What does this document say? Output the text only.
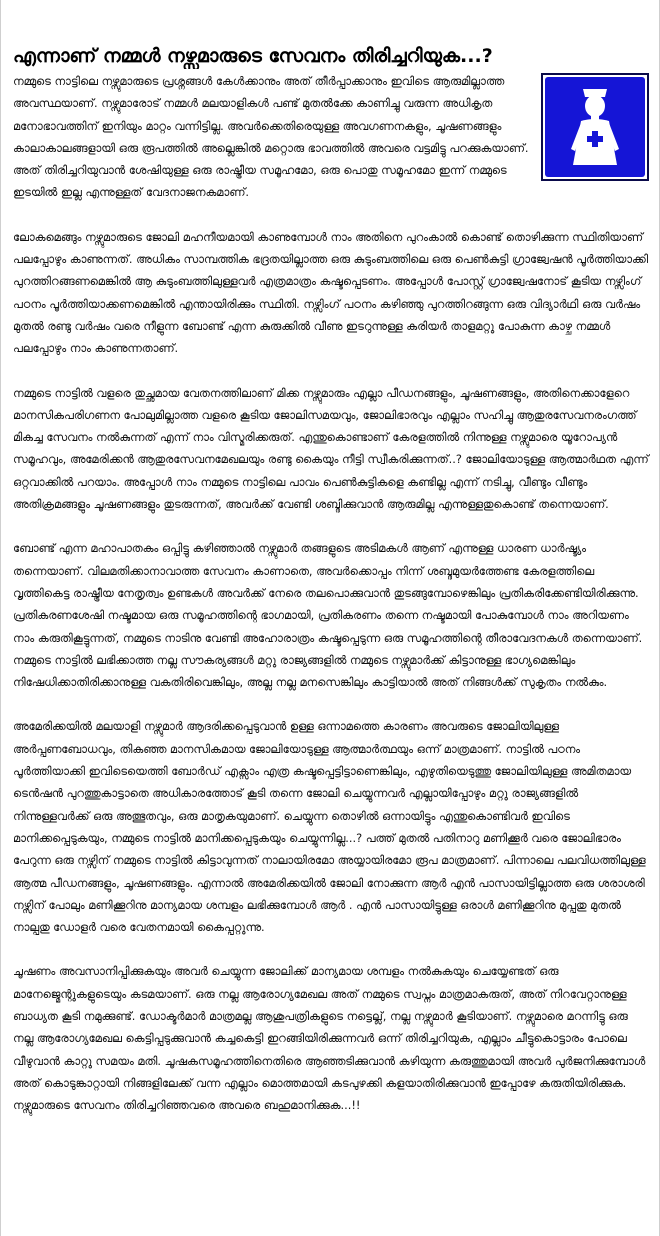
എന്നാണ് നമ്മൾ നഴ്സുമാരുടെ സേവനം തിരിച്ചറിയുക...?

നമ്മുടെ നാട്ടിലെ നഴ്സുമാരുടെ പ്രശ്നങ്ങൾ കേൾക്കാനും അത് തീർപ്പാക്കാനും ഇവിടെ ആരുമില്ലാത്ത അവസ്ഥയാണ്. നഴ്സുമാരോട് നമ്മൾ മലയാളികൾ പണ്ട് മുതൽക്കേ കാണിച്ചു വരുന്ന അധികൃത മനോഭാവത്തിന് ഇനിയും മാറ്റം വന്നിട്ടില്ല. അവർക്കെതിരെയുള്ള അവഗണനകളും, ചൂഷണങ്ങളും കാലാകാലങ്ങളായി ഒരു രൂപത്തിൽ അല്ലെങ്കിൽ മറ്റൊരു ഭാവത്തിൽ അവരെ വട്ടമിട്ടു പറക്കുകയാണ്. അത് തിരിച്ചറിയുവാൻ ശേഷിയുള്ള ഒരു രാഷ്ട്രീയ സമൂഹമോ, ഒരു പൊതു സമൂഹമോ ഇന്ന് നമ്മുടെ ഇടയിൽ ഇല്ല എന്നുള്ളത് വേദനാജനകമാണ്.

ലോകമെങ്ങും നഴ്സുമാരുടെ ജോലി മഹനീയമായി കാണുമ്പോൾ നാം അതിനെ പുറംകാൽ കൊണ്ട് തൊഴിക്കുന്ന സ്ഥിതിയാണ് പലപ്പോഴും കാണുന്നത്. അധികം സാമ്പത്തിക ഭദ്രതയില്ലാത്ത ഒരു കുടുംബത്തിലെ ഒരു പെൺകുട്ടി ഗ്രാജ്വേഷൻ പൂർത്തിയാക്കി പുറത്തിറങ്ങണമെങ്കിൽ ആ കുടുംബത്തിലുള്ളവർ എത്രമാത്രം കഷ്ടപ്പെടണം. അപ്പോൾ പോസ്റ്റ് ഗ്രാജ്വേഷനോട് കൂടിയ നഴ്സിംഗ് പഠനം പൂർത്തിയാക്കണമെങ്കിൽ എന്തായിരിക്കും സ്ഥിതി. നഴ്സിംഗ് പഠനം കഴിഞ്ഞു പുറത്തിറങ്ങുന്ന ഒരു വിദ്യാർഥി ഒരു വർഷം മുതൽ രണ്ടു വർഷം വരെ നീളുന്ന ബോണ്ട് എന്ന കുരുക്കിൽ വീണു ഇടറുന്നുള്ള കരിയർ താളമറ്റു പോകുന്ന കാഴ്ച നമ്മൾ പലപ്പോഴും നാം കാണുന്നതാണ്.

നമ്മുടെ നാട്ടിൽ വളരെ തുച്ഛമായ വേതനത്തിലാണ് മിക്ക നഴ്സുമാരും എല്ലാ പീഡനങ്ങളും, ചൂഷണങ്ങളും, അതിനെക്കാളേറെ മാനസികപരിഗണന പോലുമില്ലാത്ത വളരെ കൂടിയ ജോലിസമയവും, ജോലിഭാരവും എല്ലാം സഹിച്ചു ആതുരസേവനരംഗത്ത് മികച്ച സേവനം നൽകുന്നത് എന്ന് നാം വിസ്മരിക്കരുത്. എന്തുകൊണ്ടാണ് കേരളത്തിൽ നിന്നുള്ള നഴ്സുമാരെ യൂറോപ്യൻ സമൂഹവും, അമേരിക്കൻ ആതുരസേവനമേഖലയും രണ്ടു കൈയും നീട്ടി സ്വീകരിക്കുന്നത്..? ജോലിയോടുള്ള ആത്മാർഥത എന്ന് ഒറ്റവാക്കിൽ പറയാം. അപ്പോൾ നാം നമ്മുടെ നാട്ടിലെ പാവം പെൺകുട്ടികളെ കണ്ടില്ല എന്ന് നടിച്ചു, വീണ്ടും വീണ്ടും അതിക്രമങ്ങളും ചൂഷണങ്ങളും തുടരുന്നത്, അവർക്ക് വേണ്ടി ശബ്ദിക്കുവാൻ ആരുമില്ല എന്നുള്ളതുകൊണ്ട് തന്നെയാണ്.

ബോണ്ട് എന്ന മഹാപാതകം ഒപ്പിട്ടു കഴിഞ്ഞാൽ നഴ്സുമാർ തങ്ങളുടെ അടിമകൾ ആണ് എന്നുള്ള ധാരണ ധാർഷ്ട്യം തന്നെയാണ്. വിലമതിക്കാനാവാത്ത സേവനം കാണാതെ, അവർക്കൊപ്പം നിന്ന് ശബ്ദമുയർത്തേണ്ട കേരളത്തിലെ വൃത്തികെട്ട രാഷ്ട്രീയ നേതൃത്വം ഉണ്ടകൾ അവർക്ക് നേരെ തലപൊക്കുവാൻ തുടങ്ങുമ്പോഴെങ്കിലും പ്രതികരിക്കേണ്ടിയിരിക്കുന്നു. പ്രതികരണശേഷി നഷ്ടമായ ഒരു സമൂഹത്തിന്റെ ഭാഗമായി, പ്രതികരണം തന്നെ നഷ്ടമായി പോകുമ്പോൾ നാം അറിയണം നാം കരുതികൂട്ടുന്നത്, നമ്മുടെ നാടിനു വേണ്ടി അഹോരാത്രം കഷ്ടപ്പെടുന്ന ഒരു സമൂഹത്തിന്റെ തീരാവേദനകൾ തന്നെയാണ്. നമ്മുടെ നാട്ടിൽ ലഭിക്കാത്ത നല്ല സൗകര്യങ്ങൾ മറ്റു രാജ്യങ്ങളിൽ നമ്മുടെ നഴ്സുമാർക്ക് കിട്ടാനുള്ള ഭാഗ്യമെങ്കിലും നിഷേധിക്കാതിരിക്കാനുള്ള വകതിരിവെങ്കിലും, അല്ല നല്ല മനസെങ്കിലും കാട്ടിയാൽ അത് നിങ്ങൾക്ക് സുകൃതം നൽകും.

അമേരിക്കയിൽ മലയാളി നഴ്സുമാർ ആദരിക്കപ്പെടുവാൻ ഉള്ള ഒന്നാമത്തെ കാരണം അവരുടെ ജോലിയിലുള്ള അർപ്പണബോധവും, തികഞ്ഞ മാനസികമായ ജോലിയോടുള്ള ആത്മാർത്ഥയും ഒന്ന് മാത്രമാണ്. നാട്ടിൽ പഠനം പൂർത്തിയാക്കി ഇവിടെയെത്തി ബോർഡ് എക്സാം എത്ര കഷ്ടപ്പെട്ടിട്ടാണെങ്കിലും, എഴുതിയെടുത്തു ജോലിയിലുള്ള അമിതമായ ടെൻഷൻ പുറത്തുകാട്ടാതെ അധികാരത്തോട് കൂടി തന്നെ ജോലി ചെയ്യുന്നവർ എല്ലായിപ്പോഴും മറ്റു രാജ്യങ്ങളിൽ നിന്നുള്ളവർക്ക് ഒരു അത്ഭുതവും, ഒരു മാതൃകയുമാണ്. ചെയ്യുന്ന തൊഴിൽ ഒന്നായിട്ടും എന്തുകൊണ്ടിവർ ഇവിടെ മാനിക്കപ്പെടുകയും, നമ്മുടെ നാട്ടിൽ മാനിക്കപ്പെടുകയും ചെയ്യുന്നില്ല...? പത്ത് മുതൽ പതിനാറു മണിക്കൂർ വരെ ജോലിഭാരം പേറുന്ന ഒരു നഴ്സിന് നമ്മുടെ നാട്ടിൽ കിട്ടാവുന്നത് നാലായിരമോ അയ്യായിരമോ രൂപ മാത്രമാണ്. പിന്നാലെ പലവിധത്തിലുള്ള ആത്മ പീഡനങ്ങളും, ചൂഷണങ്ങളും. എന്നാൽ അമേരിക്കയിൽ ജോലി നോക്കുന്ന ആർ എൻ പാസായിട്ടില്ലാത്ത ഒരു ശരാശരി നഴ്സിന് പോലും മണിക്കൂറിനു മാന്യമായ ശമ്പളം ലഭിക്കുമ്പോൾ ആർ . എൻ പാസായിട്ടുള്ള ഒരാൾ മണിക്കൂറിനു മുപ്പതു മുതൽ നാല്പതു ഡോളർ വരെ വേതനമായി കൈപ്പറ്റുന്നു.

ചൂഷണം അവസാനിപ്പിക്കുകയും അവർ ചെയ്യുന്ന ജോലിക്ക് മാന്യമായ ശമ്പളം നൽകുകയും ചെയ്യേണ്ടത് ഒരു മാനേജ്മെന്റുകളുടെയും കടമയാണ്. ഒരു നല്ല ആരോഗ്യമേഖല അത് നമ്മുടെ സ്വപ്നം മാത്രമാകരുത്, അത് നിറവേറ്റാനുള്ള ബാധ്യത കൂടി നമുക്കുണ്ട്. ഡോക്ടർമാർ മാത്രമല്ല ആശുപത്രികളുടെ നട്ടെല്ല്, നല്ല നഴ്സുമാർ കൂടിയാണ്. നഴ്സുമാരെ മറന്നിട്ടു ഒരു നല്ല ആരോഗ്യമേഖല കെട്ടിപ്പടുക്കുവാൻ കച്ചകെട്ടി ഇറങ്ങിയിരിക്കുന്നവർ ഒന്ന് തിരിച്ചറിയുക, എല്ലാം ചീട്ടുകൊട്ടാരം പോലെ വീഴുവാൻ കാറ്റു സമയം മതി. ചൂഷകസമൂഹത്തിനെതിരെ ആഞ്ഞടിക്കുവാൻ കഴിയുന്ന കരുത്തുമായി അവർ പുർജനിക്കുമ്പോൾ അത് കൊടുങ്കാറ്റായി നിങ്ങളിലേക്ക് വന്ന എല്ലാം മൊത്തമായി കടപുഴക്കി കളയാതിരിക്കുവാൻ ഇപ്പോഴേ കരുതിയിരിക്കുക. നഴ്സുമാരുടെ സേവനം തിരിച്ചറിഞ്ഞവരെ അവരെ ബഹുമാനിക്കുക...!!
